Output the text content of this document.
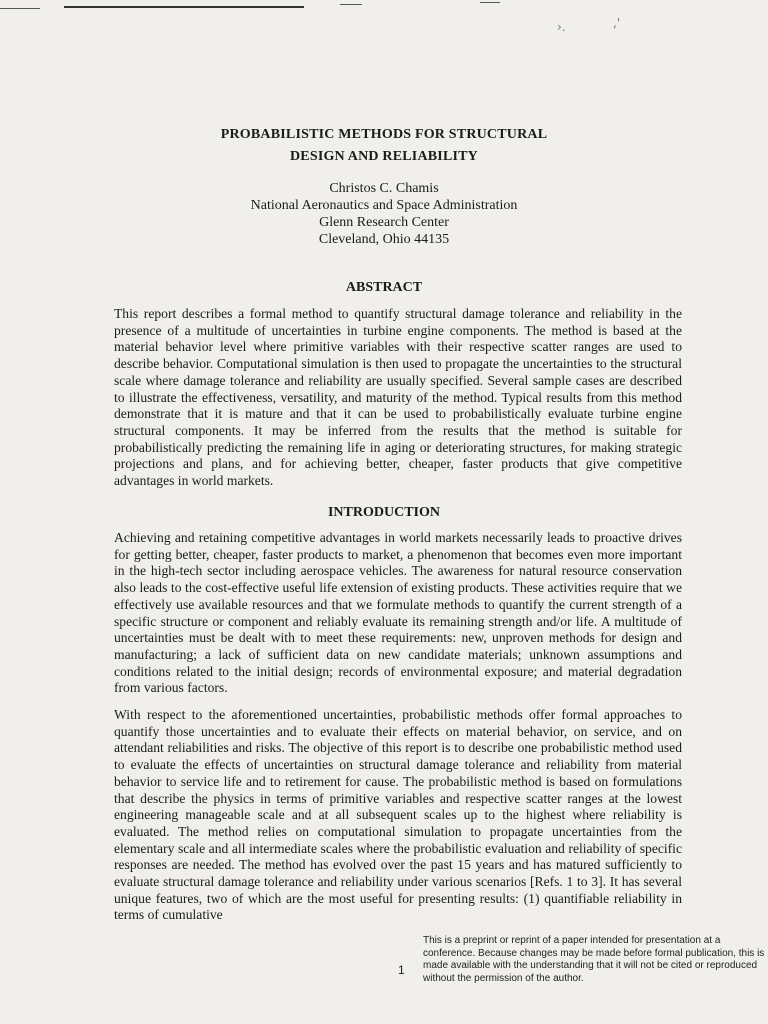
›.	,'
PROBABILISTIC METHODS FOR STRUCTURAL
DESIGN AND RELIABILITY
Christos C. Chamis
National Aeronautics and Space Administration
Glenn Research Center
Cleveland, Ohio 44135
ABSTRACT

This report describes a formal method to quantify structural damage tolerance and reliability in the presence of a multitude of uncertainties in turbine engine components. The method is based at the material behavior level where primitive variables with their respective scatter ranges are used to describe behavior. Computational simulation is then used to propagate the uncertainties to the structural scale where damage tolerance and reliability are usually specified. Several sample cases are described to illustrate the effectiveness, versatility, and maturity of the method. Typical results from this method demonstrate that it is mature and that it can be used to probabilistically evaluate turbine engine structural components. It may be inferred from the results that the method is suitable for probabilistically predicting the remaining life in aging or deteriorating structures, for making strategic projections and plans, and for achieving better, cheaper, faster products that give competitive advantages in world markets.

INTRODUCTION

Achieving and retaining competitive advantages in world markets necessarily leads to proactive drives for getting better, cheaper, faster products to market, a phenomenon that becomes even more important in the high-tech sector including aerospace vehicles. The awareness for natural resource conservation also leads to the cost-effective useful life extension of existing products. These activities require that we effectively use available resources and that we formulate methods to quantify the current strength of a specific structure or component and reliably evaluate its remaining strength and/or life. A multitude of uncertainties must be dealt with to meet these requirements: new, unproven methods for design and manufacturing; a lack of sufficient data on new candidate materials; unknown assumptions and conditions related to the initial design; records of environmental exposure; and material degradation from various factors.

With respect to the aforementioned uncertainties, probabilistic methods offer formal approaches to quantify those uncertainties and to evaluate their effects on material behavior, on service, and on attendant reliabilities and risks. The objective of this report is to describe one probabilistic method used to evaluate the effects of uncertainties on structural damage tolerance and reliability from material behavior to service life and to retirement for cause. The probabilistic method is based on formulations that describe the physics in terms of primitive variables and respective scatter ranges at the lowest engineering manageable scale and at all subsequent scales up to the highest where reliability is evaluated. The method relies on computational simulation to propagate uncertainties from the elementary scale and all intermediate scales where the probabilistic evaluation and reliability of specific responses are needed. The method has evolved over the past 15 years and has matured sufficiently to evaluate structural damage tolerance and reliability under various scenarios [Refs. 1 to 3]. It has several unique features, two of which are the most useful for presenting results: (1) quantifiable reliability in terms of cumulative

1

This is a preprint or reprint of a paper intended for presentation at a conference. Because changes may be made before formal publication, this is made available with the understanding that it will not be cited or reproduced without the permission of the author.
